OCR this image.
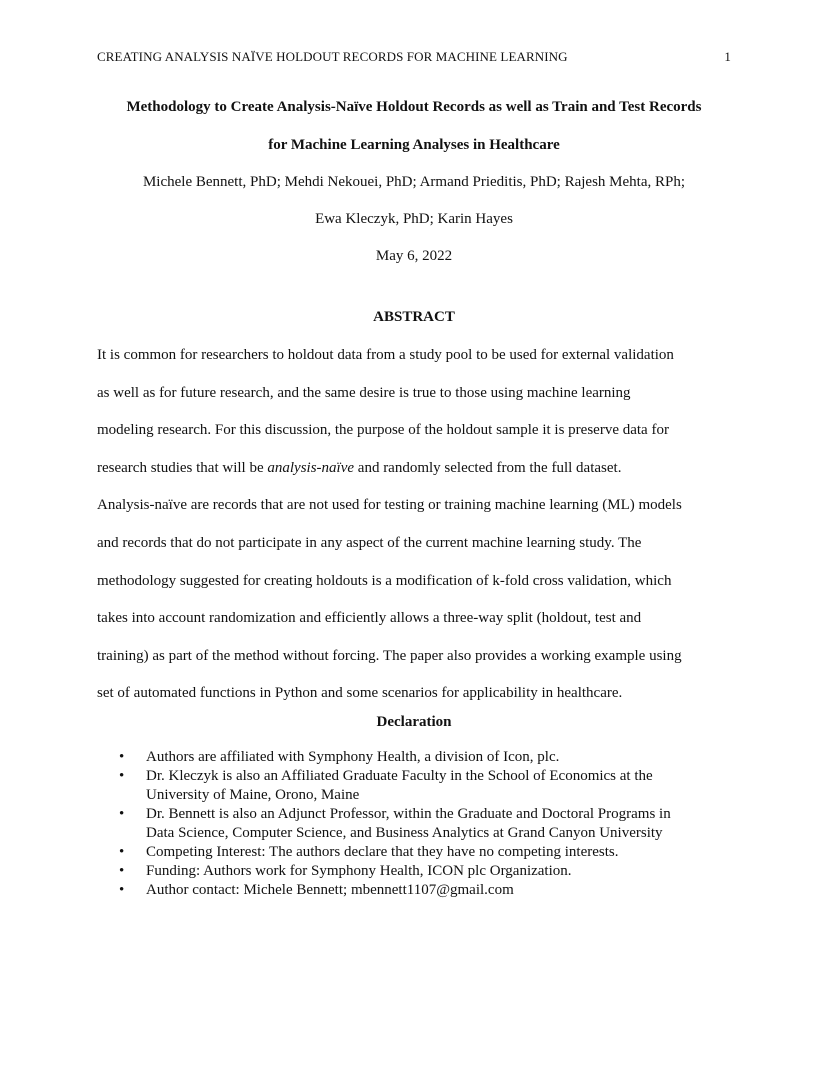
CREATING ANALYSIS NAÏVE HOLDOUT RECORDS FOR MACHINE LEARNING	1
Methodology to Create Analysis-Naïve Holdout Records as well as Train and Test Records
for Machine Learning Analyses in Healthcare
Michele Bennett, PhD; Mehdi Nekouei, PhD; Armand Prieditis, PhD; Rajesh Mehta, RPh;
Ewa Kleczyk, PhD; Karin Hayes
May 6, 2022
ABSTRACT
It is common for researchers to holdout data from a study pool to be used for external validation
as well as for future research, and the same desire is true to those using machine learning
modeling research. For this discussion, the purpose of the holdout sample it is preserve data for
research studies that will be analysis-naïve and randomly selected from the full dataset.
Analysis-naïve are records that are not used for testing or training machine learning (ML) models
and records that do not participate in any aspect of the current machine learning study. The
methodology suggested for creating holdouts is a modification of k-fold cross validation, which
takes into account randomization and efficiently allows a three-way split (holdout, test and
training) as part of the method without forcing. The paper also provides a working example using
set of automated functions in Python and some scenarios for applicability in healthcare.
Declaration
• Authors are affiliated with Symphony Health, a division of Icon, plc.
• Dr. Kleczyk is also an Affiliated Graduate Faculty in the School of Economics at the
University of Maine, Orono, Maine
• Dr. Bennett is also an Adjunct Professor, within the Graduate and Doctoral Programs in
Data Science, Computer Science, and Business Analytics at Grand Canyon University
• Competing Interest: The authors declare that they have no competing interests.
• Funding: Authors work for Symphony Health, ICON plc Organization.
• Author contact: Michele Bennett; mbennett1107@gmail.com
